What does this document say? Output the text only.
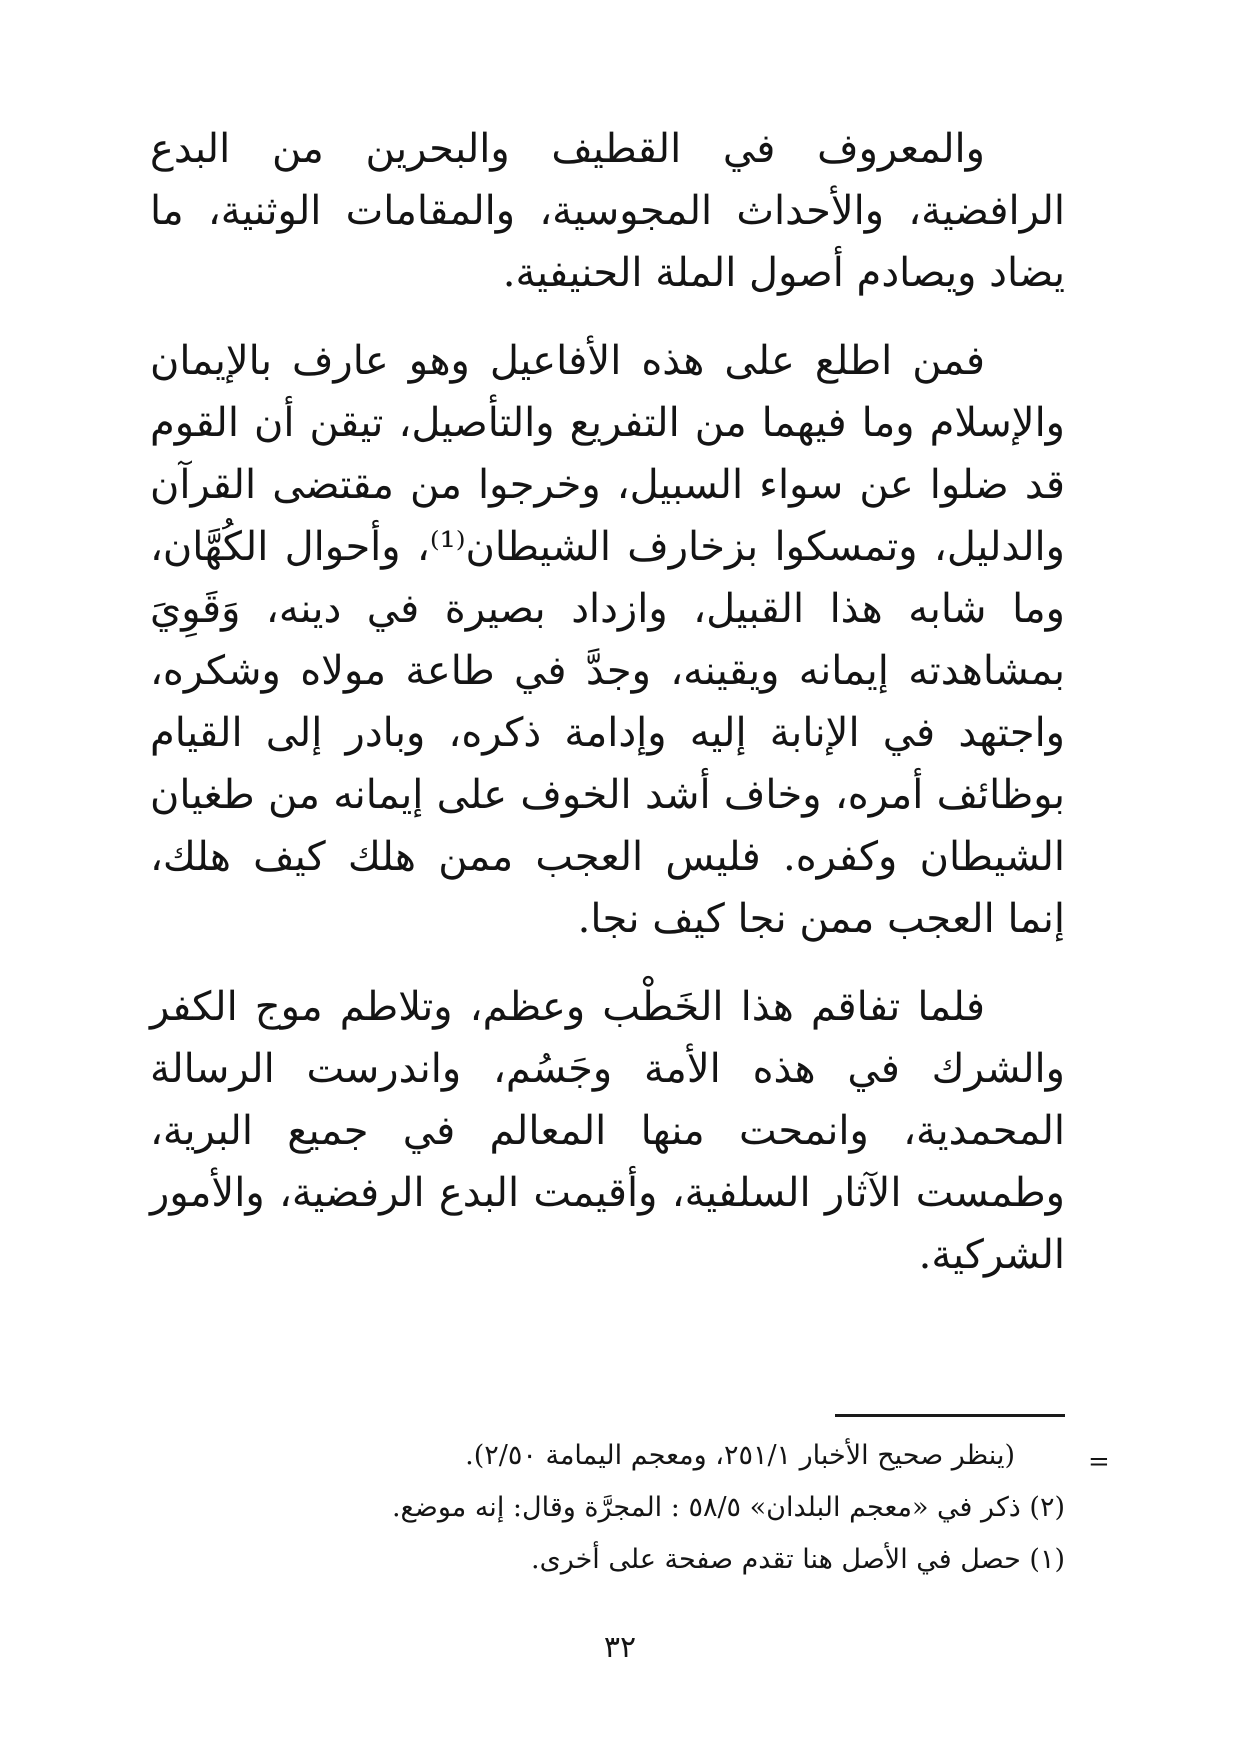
والمعروف في القطيف والبحرين من البدع الرافضية، والأحداث المجوسية، والمقامات الوثنية، ما يضاد ويصادم أصول الملة الحنيفية.

فمن اطلع على هذه الأفاعيل وهو عارف بالإيمان والإسلام وما فيهما من التفريع والتأصيل، تيقن أن القوم قد ضلوا عن سواء السبيل، وخرجوا من مقتضى القرآن والدليل، وتمسكوا بزخارف الشيطان⁽¹⁾، وأحوال الكُهَّان، وما شابه هذا القبيل، وازداد بصيرة في دينه، وَقَوِيَ بمشاهدته إيمانه ويقينه، وجدَّ في طاعة مولاه وشكره، واجتهد في الإنابة إليه وإدامة ذكره، وبادر إلى القيام بوظائف أمره، وخاف أشد الخوف على إيمانه من طغيان الشيطان وكفره. فليس العجب ممن هلك كيف هلك، إنما العجب ممن نجا كيف نجا.

فلما تفاقم هذا الخَطْب وعظم، وتلاطم موج الكفر والشرك في هذه الأمة وجَسُم، واندرست الرسالة المحمدية، وانمحت منها المعالم في جميع البرية، وطمست الآثار السلفية، وأقيمت البدع الرفضية، والأمور الشركية.

=

(ينظر صحيح الأخبار ٢٥١/١، ومعجم اليمامة ٢/٥٠).

(٢) ذكر في «معجم البلدان» ٥٨/٥ : المجرَّة وقال: إنه موضع.

(١) حصل في الأصل هنا تقدم صفحة على أخرى.

٣٢
